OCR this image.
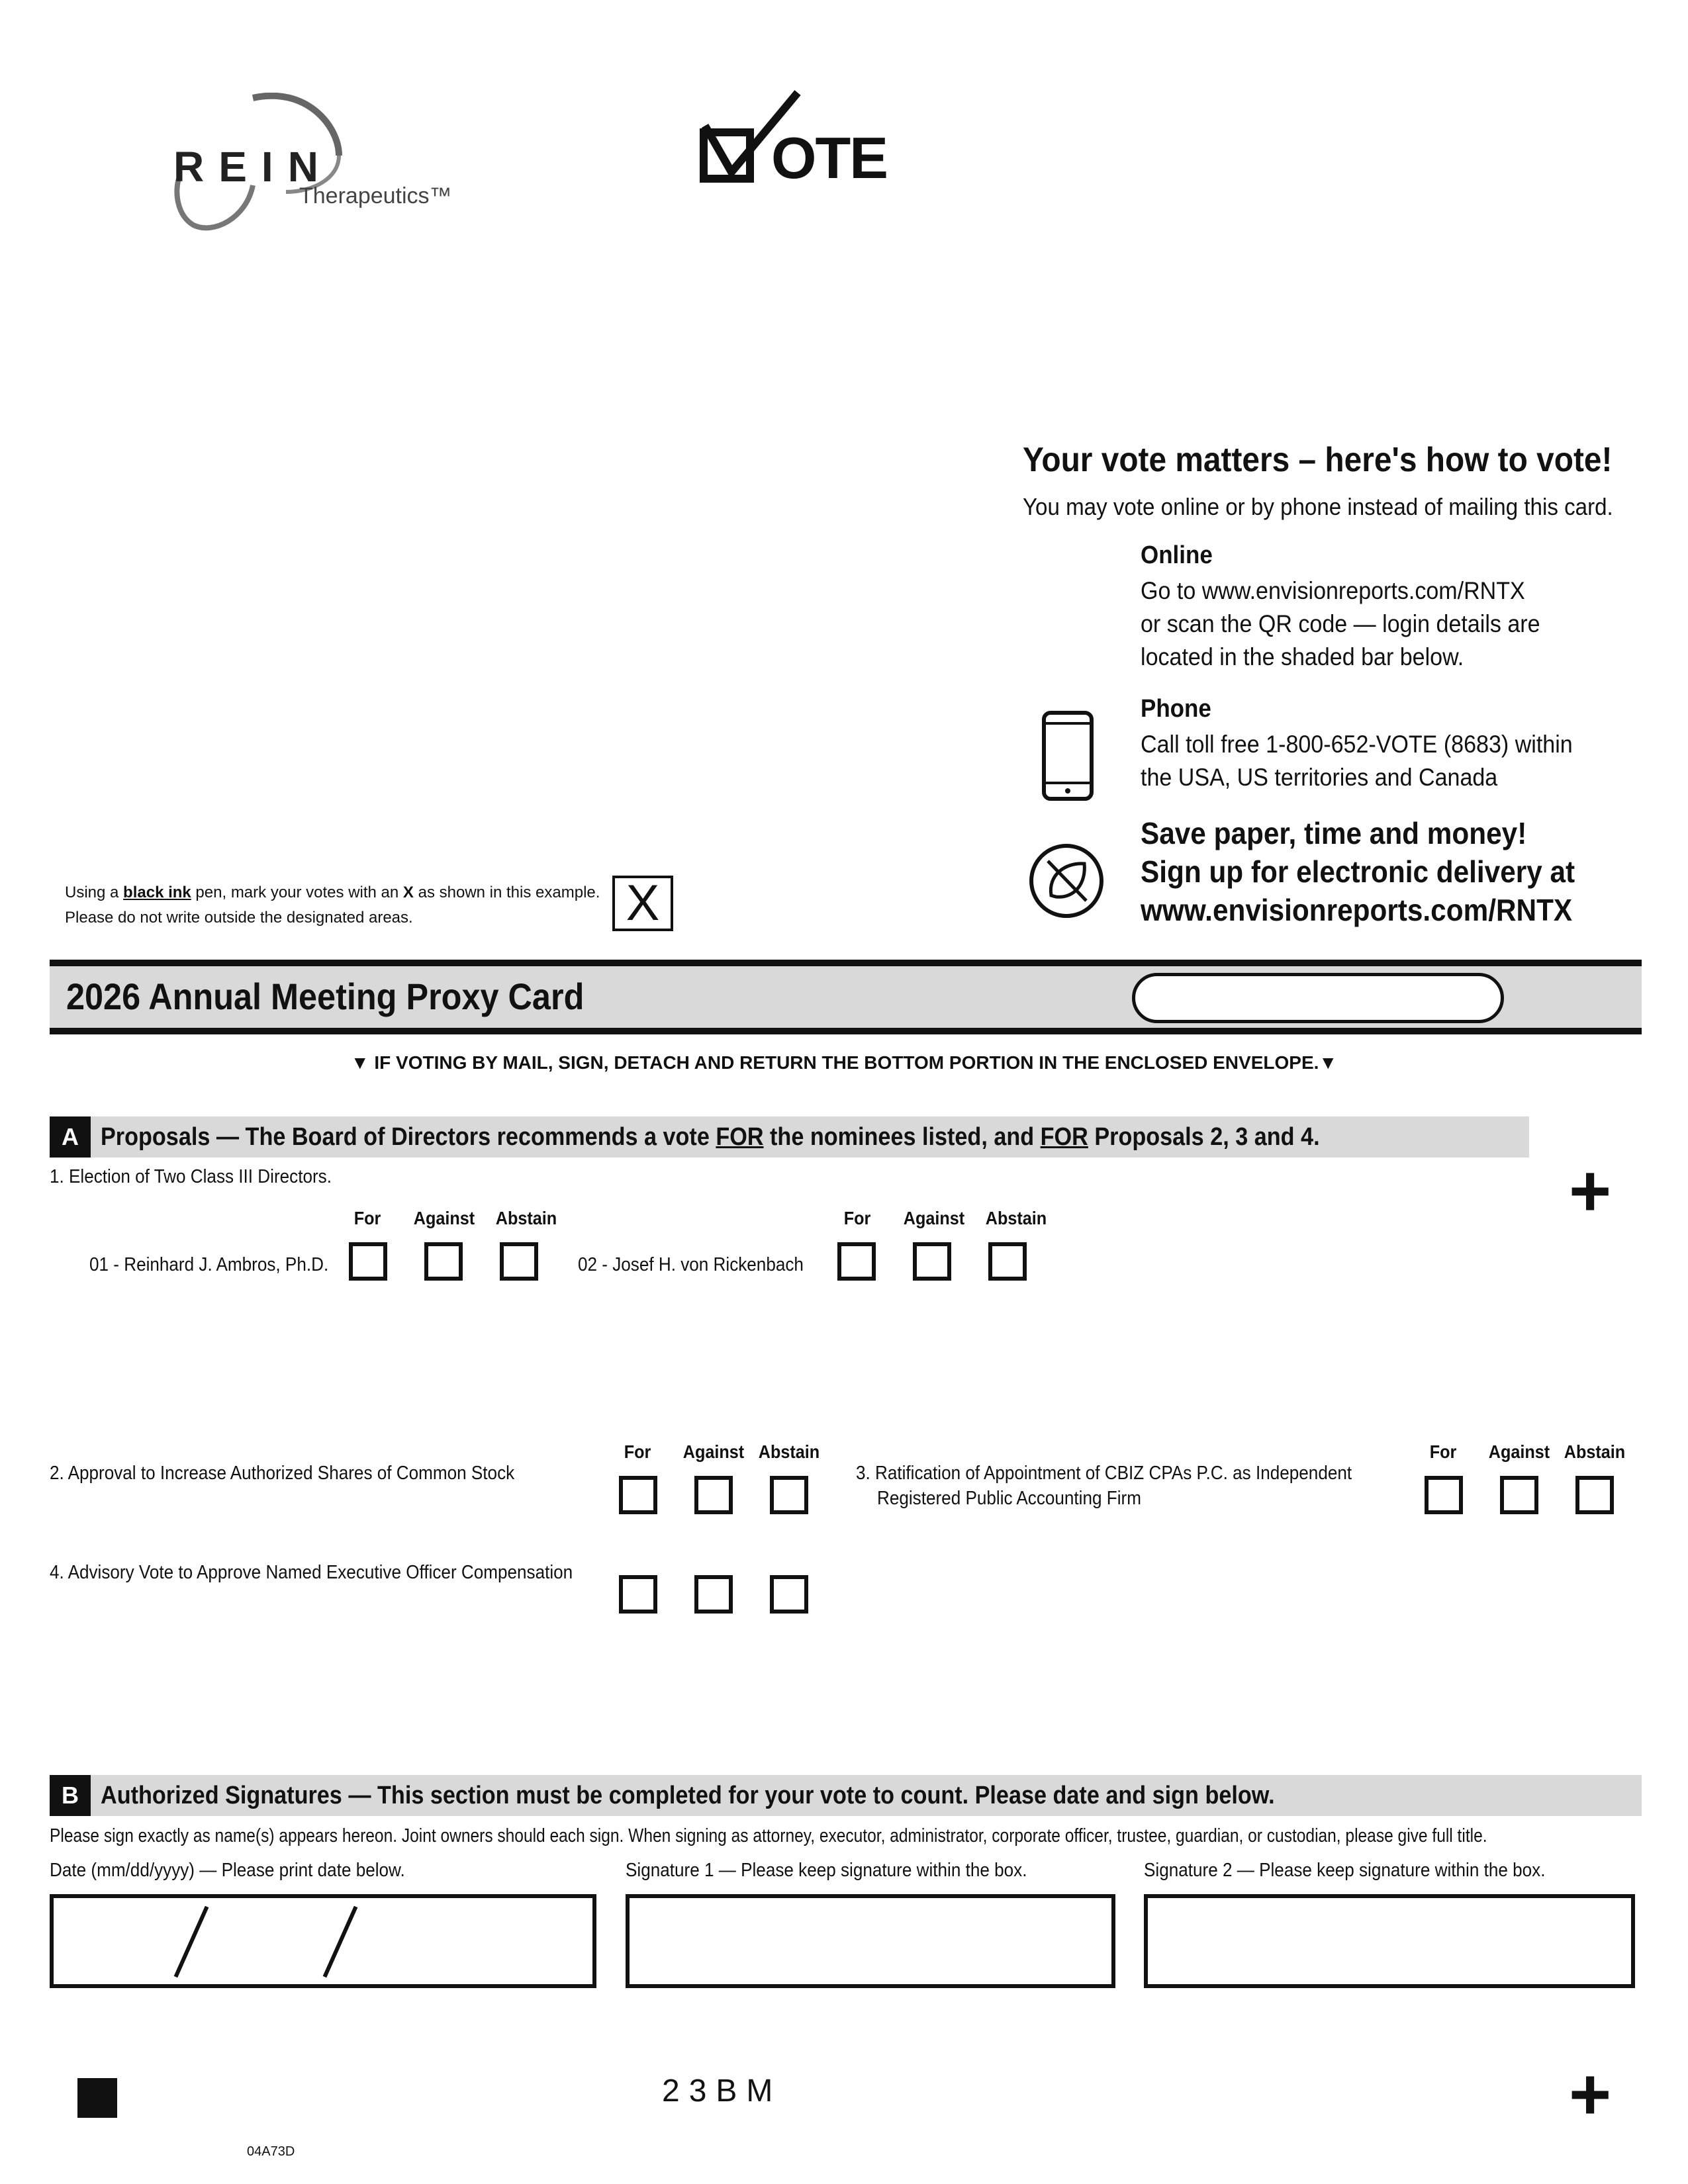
REIN
Therapeutics™
OTE
Your vote matters – here's how to vote!
You may vote online or by phone instead of mailing this card.
Online
Go to www.envisionreports.com/RNTX
or scan the QR code — login details are
located in the shaded bar below.
Phone
Call toll free 1-800-652-VOTE (8683) within
the USA, US territories and Canada
Save paper, time and money!
Sign up for electronic delivery at
www.envisionreports.com/RNTX
Using a black ink pen, mark your votes with an X as shown in this example.
Please do not write outside the designated areas.	X
2026 Annual Meeting Proxy Card
▼ IF VOTING BY MAIL, SIGN, DETACH AND RETURN THE BOTTOM PORTION IN THE ENCLOSED ENVELOPE.▼
A Proposals — The Board of Directors recommends a vote FOR the nominees listed, and FOR Proposals 2, 3 and 4.
1. Election of Two Class III Directors.	+
For	Against Abstain	For	Against Abstain
01 - Reinhard J. Ambros, Ph.D.	02 - Josef H. von Rickenbach
For	Against Abstain
2. Approval to Increase Authorized Shares of Common Stock	3. Ratification of Appointment of CBIZ CPAs P.C. as Independent
Registered Public Accounting Firm
For	Against Abstain
4. Advisory Vote to Approve Named Executive Officer Compensation
B Authorized Signatures — This section must be completed for your vote to count. Please date and sign below.
Please sign exactly as name(s) appears hereon. Joint owners should each sign. When signing as attorney, executor, administrator, corporate officer, trustee, guardian, or custodian, please give full title.
Date (mm/dd/yyyy) — Please print date below.	Signature 1 — Please keep signature within the box.	Signature 2 — Please keep signature within the box.
23BM	+
04A73D
